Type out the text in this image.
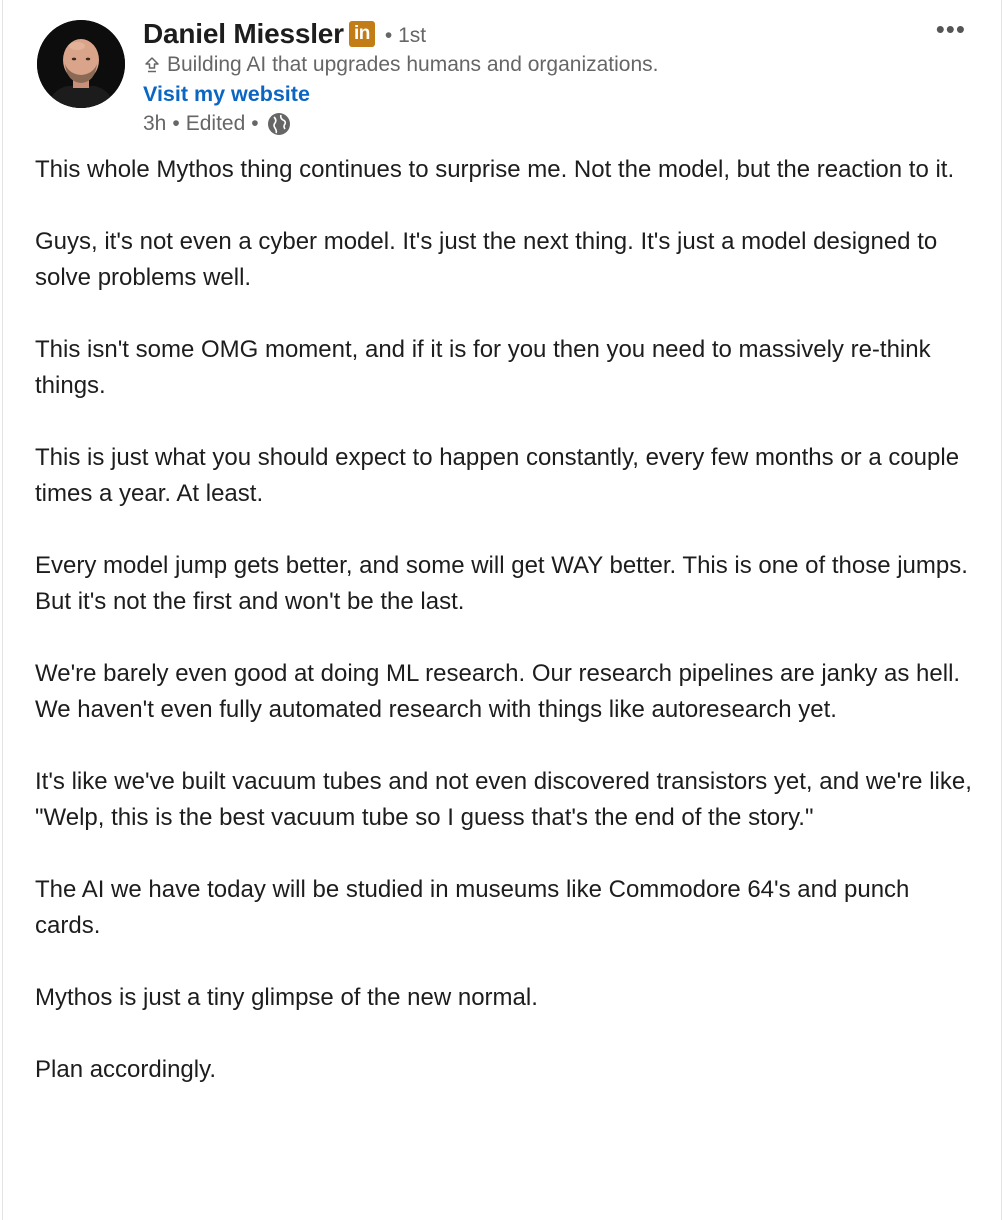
Daniel Miessler in • 1st
Building AI that upgrades humans and organizations.
Visit my website
3h • Edited •
•••

This whole Mythos thing continues to surprise me. Not the model, but the reaction to it.

Guys, it's not even a cyber model. It's just the next thing. It's just a model designed to solve problems well.

This isn't some OMG moment, and if it is for you then you need to massively re-think things.

This is just what you should expect to happen constantly, every few months or a couple times a year. At least.

Every model jump gets better, and some will get WAY better. This is one of those jumps. But it's not the first and won't be the last.

We're barely even good at doing ML research. Our research pipelines are janky as hell. We haven't even fully automated research with things like autoresearch yet.

It's like we've built vacuum tubes and not even discovered transistors yet, and we're like, "Welp, this is the best vacuum tube so I guess that's the end of the story."

The AI we have today will be studied in museums like Commodore 64's and punch cards.

Mythos is just a tiny glimpse of the new normal.

Plan accordingly.
